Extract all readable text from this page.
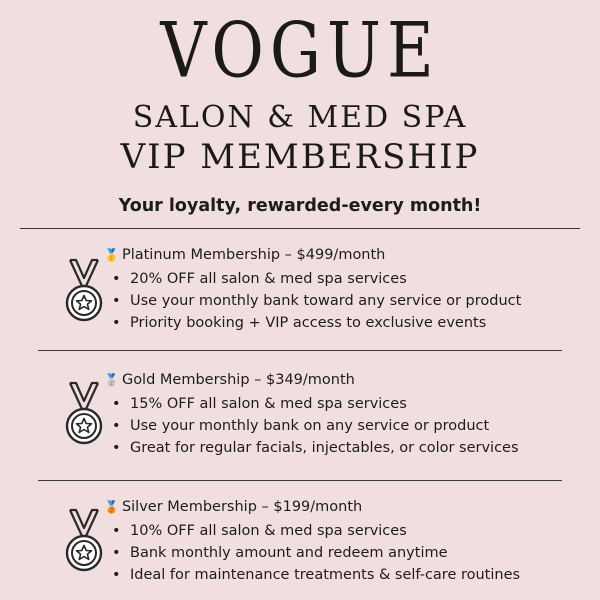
VOGUE
SALON & MED SPA
VIP MEMBERSHIP
Your loyalty, rewarded-every month!
🥇 Platinum Membership – $499/month
• 20% OFF all salon & med spa services
• Use your monthly bank toward any service or product
• Priority booking + VIP access to exclusive events
🥈 Gold Membership – $349/month
• 15% OFF all salon & med spa services
• Use your monthly bank on any service or product
• Great for regular facials, injectables, or color services
🥉 Silver Membership – $199/month
• 10% OFF all salon & med spa services
• Bank monthly amount and redeem anytime
• Ideal for maintenance treatments & self-care routines
